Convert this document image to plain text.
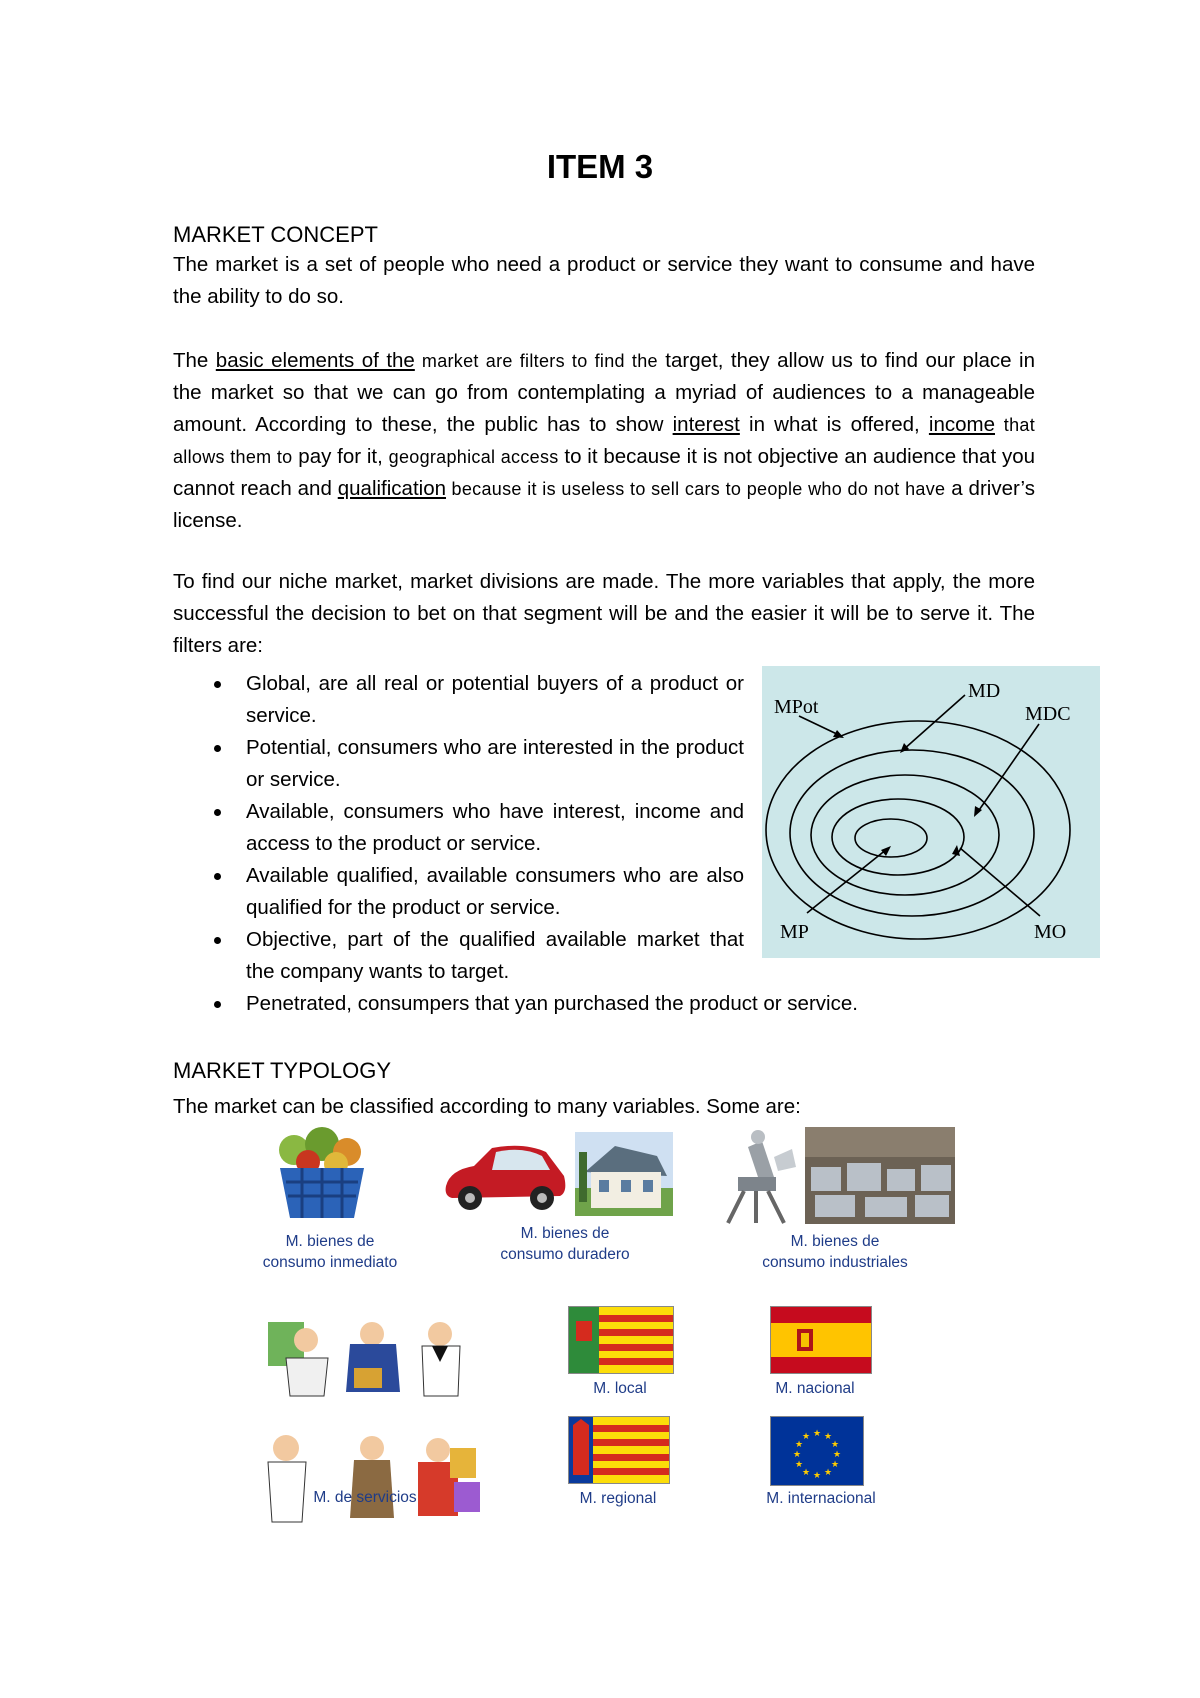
ITEM 3
MARKET CONCEPT
The market is a set of people who need a product or service they want to consume and have the ability to do so.
The basic elements of the market are filters to find the target, they allow us to find our place in the market so that we can go from contemplating a myriad of audiences to a manageable amount. According to these, the public has to show interest in what is offered, income that allows them to pay for it, geographical access to it because it is not objective an audience that you cannot reach and qualification because it is useless to sell cars to people who do not have a driver’s license.
To find our niche market, market divisions are made. The more variables that apply, the more successful the decision to bet on that segment will be and the easier it will be to serve it. The filters are:
Global, are all real or potential buyers of a product or service.
Potential, consumers who are interested in the product or service.
Available, consumers who have interest, income and access to the product or service.
Available qualified, available consumers who are also qualified for the product or service.
Objective, part of the qualified available market that the company wants to target.
Penetrated, consumpers that yan purchased the product or service.
MPot
MD
MDC
MP	MO
MARKET TYPOLOGY
The market can be classified according to many variables. Some are:
M. bienes de
consumo inmediato
M. bienes de
consumo duradero
M. bienes de
consumo industriales
M. de servicios
M. local	M. nacional
M. regional
★ ★
★
★
★
★
★
★
★
★
★
★
M. internacional
